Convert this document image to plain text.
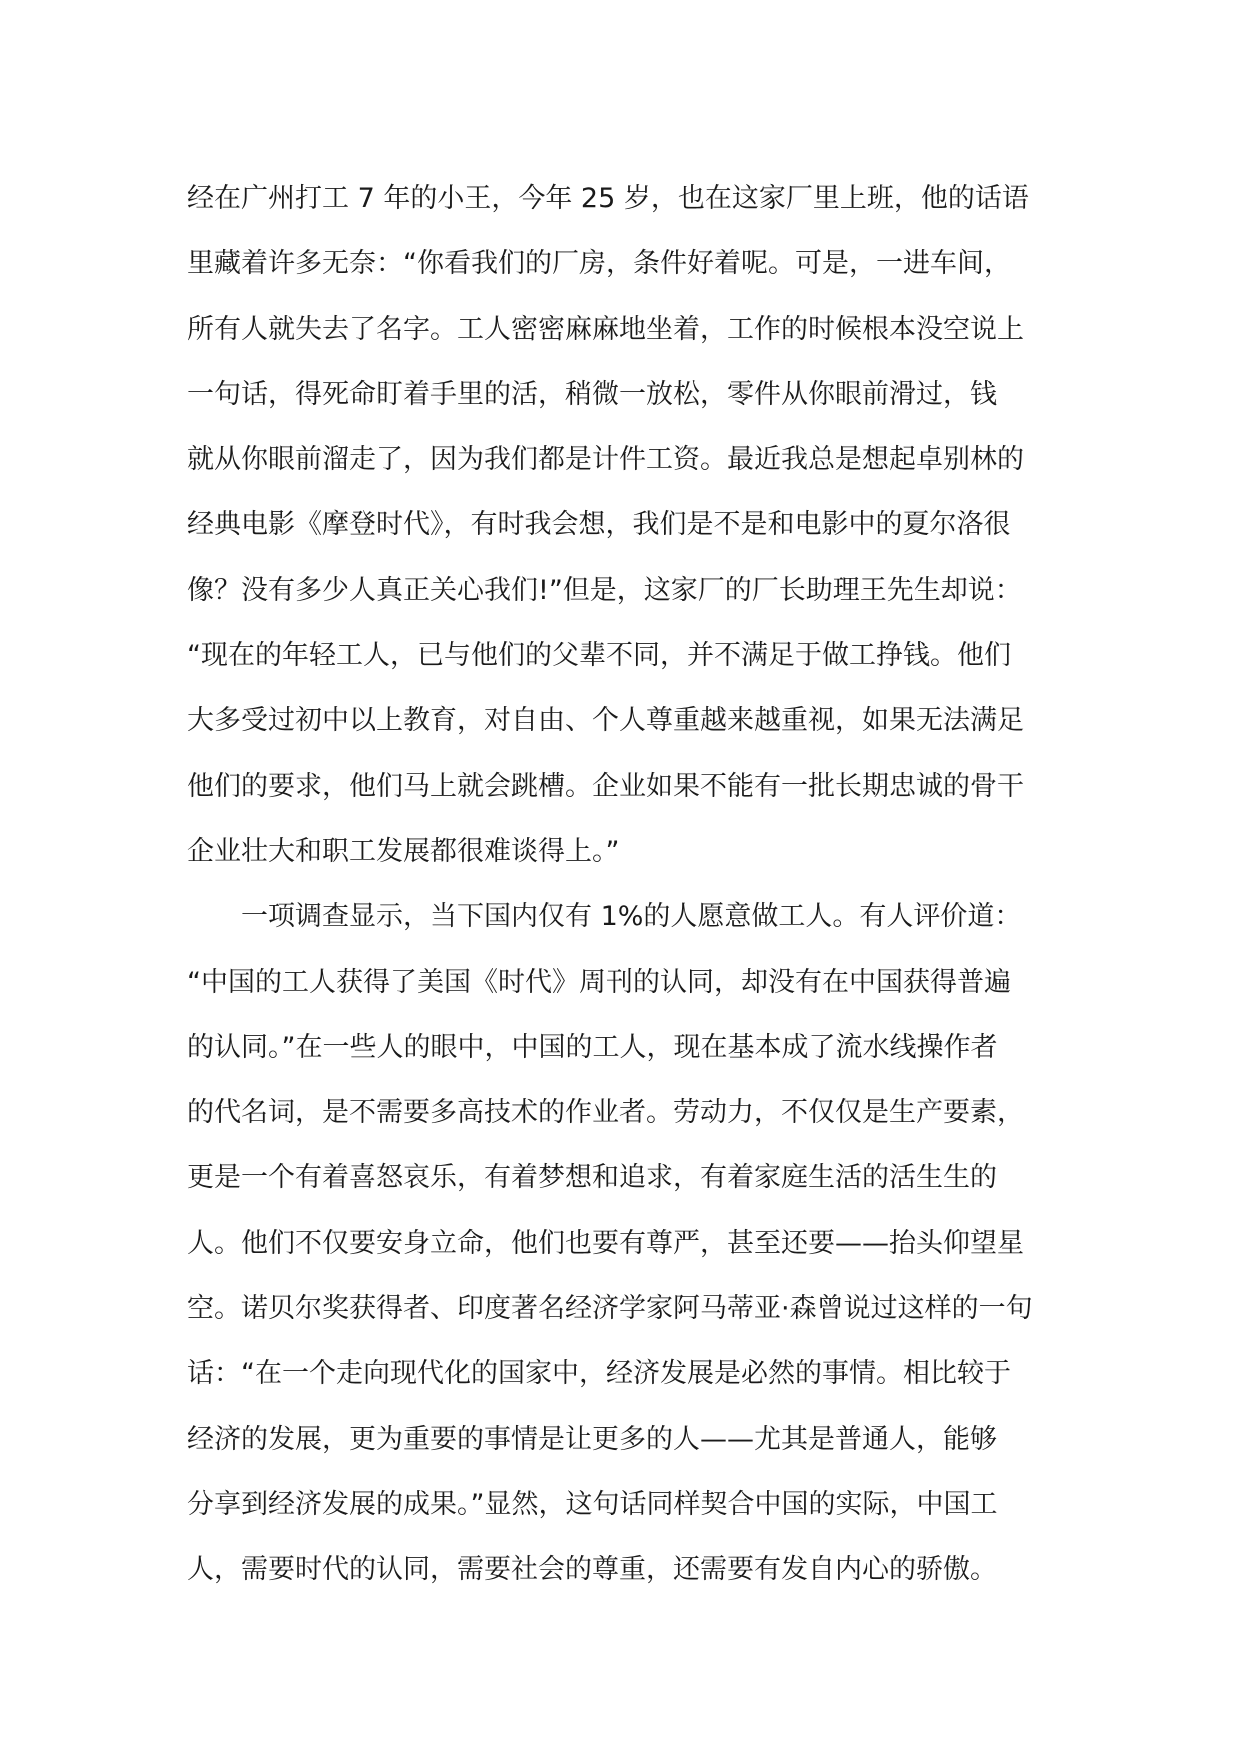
经在广州打工 7 年的小王，今年 25 岁，也在这家厂里上班，他的话语
里藏着许多无奈：“你看我们的厂房，条件好着呢。可是，一进车间，
所有人就失去了名字。工人密密麻麻地坐着，工作的时候根本没空说上
一句话，得死命盯着手里的活，稍微一放松，零件从你眼前滑过，钱
就从你眼前溜走了，因为我们都是计件工资。最近我总是想起卓别林的
经典电影《摩登时代》，有时我会想，我们是不是和电影中的夏尔洛很
像？没有多少人真正关心我们!”但是，这家厂的厂长助理王先生却说：
“现在的年轻工人，已与他们的父辈不同，并不满足于做工挣钱。他们
大多受过初中以上教育，对自由、个人尊重越来越重视，如果无法满足
他们的要求，他们马上就会跳槽。企业如果不能有一批长期忠诚的骨干
企业壮大和职工发展都很难谈得上。”
　　一项调查显示，当下国内仅有 1%的人愿意做工人。有人评价道：
“中国的工人获得了美国《时代》周刊的认同，却没有在中国获得普遍
的认同。”在一些人的眼中，中国的工人，现在基本成了流水线操作者
的代名词，是不需要多高技术的作业者。劳动力，不仅仅是生产要素，
更是一个有着喜怒哀乐，有着梦想和追求，有着家庭生活的活生生的
人。他们不仅要安身立命，他们也要有尊严，甚至还要——抬头仰望星
空。诺贝尔奖获得者、印度著名经济学家阿马蒂亚·森曾说过这样的一句
话：“在一个走向现代化的国家中，经济发展是必然的事情。相比较于
经济的发展，更为重要的事情是让更多的人——尤其是普通人，能够
分享到经济发展的成果。”显然，这句话同样契合中国的实际，中国工
人，需要时代的认同，需要社会的尊重，还需要有发自内心的骄傲。
